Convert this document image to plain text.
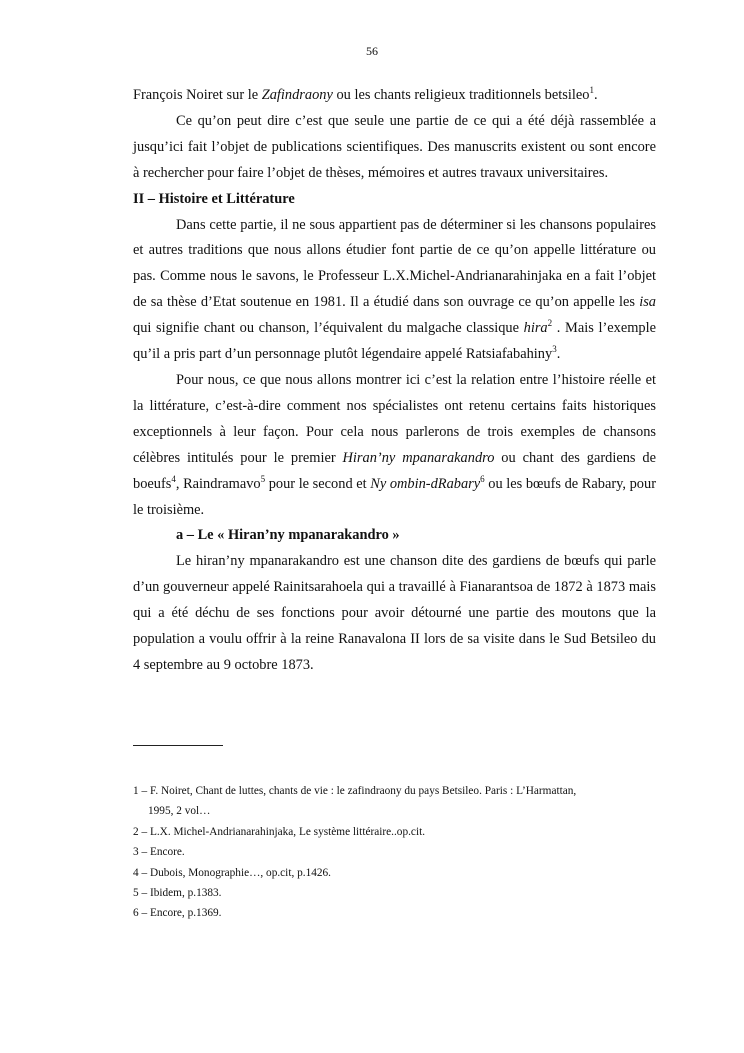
56

François Noiret sur le Zafindraony ou les chants religieux traditionnels betsileo$^1$.

Ce qu’on peut dire c’est que seule une partie de ce qui a été déjà rassemblée a jusqu’ici fait l’objet de publications scientifiques. Des manuscrits existent ou sont encore à rechercher pour faire l’objet de thèses, mémoires et autres travaux universitaires.

II – Histoire et Littérature

Dans cette partie, il ne sous appartient pas de déterminer si les chansons populaires et autres traditions que nous allons étudier font partie de ce qu’on appelle littérature ou pas. Comme nous le savons, le Professeur L.X.Michel-Andrianarahinjaka en a fait l’objet de sa thèse d’Etat soutenue en 1981. Il a étudié dans son ouvrage ce qu’on appelle les isa qui signifie chant ou chanson, l’équivalent du malgache classique hira$^2$ . Mais l’exemple qu’il a pris part d’un personnage plutôt légendaire appelé Ratsiafabahiny$^3$.

Pour nous, ce que nous allons montrer ici c’est la relation entre l’histoire réelle et la littérature, c’est-à-dire comment nos spécialistes ont retenu certains faits historiques exceptionnels à leur façon. Pour cela nous parlerons de trois exemples de chansons célèbres intitulés pour le premier Hiran’ny mpanarakandro ou chant des gardiens de boeufs$^4$, Raindramavo$^5$ pour le second et Ny ombin-dRabary$^6$ ou les bœufs de Rabary, pour le troisième.

a – Le « Hiran’ny mpanarakandro »

Le hiran’ny mpanarakandro est une chanson dite des gardiens de bœufs qui parle d’un gouverneur appelé Rainitsarahoela qui a travaillé à Fianarantsoa de 1872 à 1873 mais qui a été déchu de ses fonctions pour avoir détourné une partie des moutons que la population a voulu offrir à la reine Ranavalona II lors de sa visite dans le Sud Betsileo du 4 septembre au 9 octobre 1873.

1 – F. Noiret, Chant de luttes, chants de vie : le zafindraony du pays Betsileo. Paris : L’Harmattan,
1995, 2 vol…
2 – L.X. Michel-Andrianarahinjaka, Le système littéraire..op.cit.
3 – Encore.
4 – Dubois, Monographie…, op.cit, p.1426.
5 – Ibidem, p.1383.
6 – Encore, p.1369.
